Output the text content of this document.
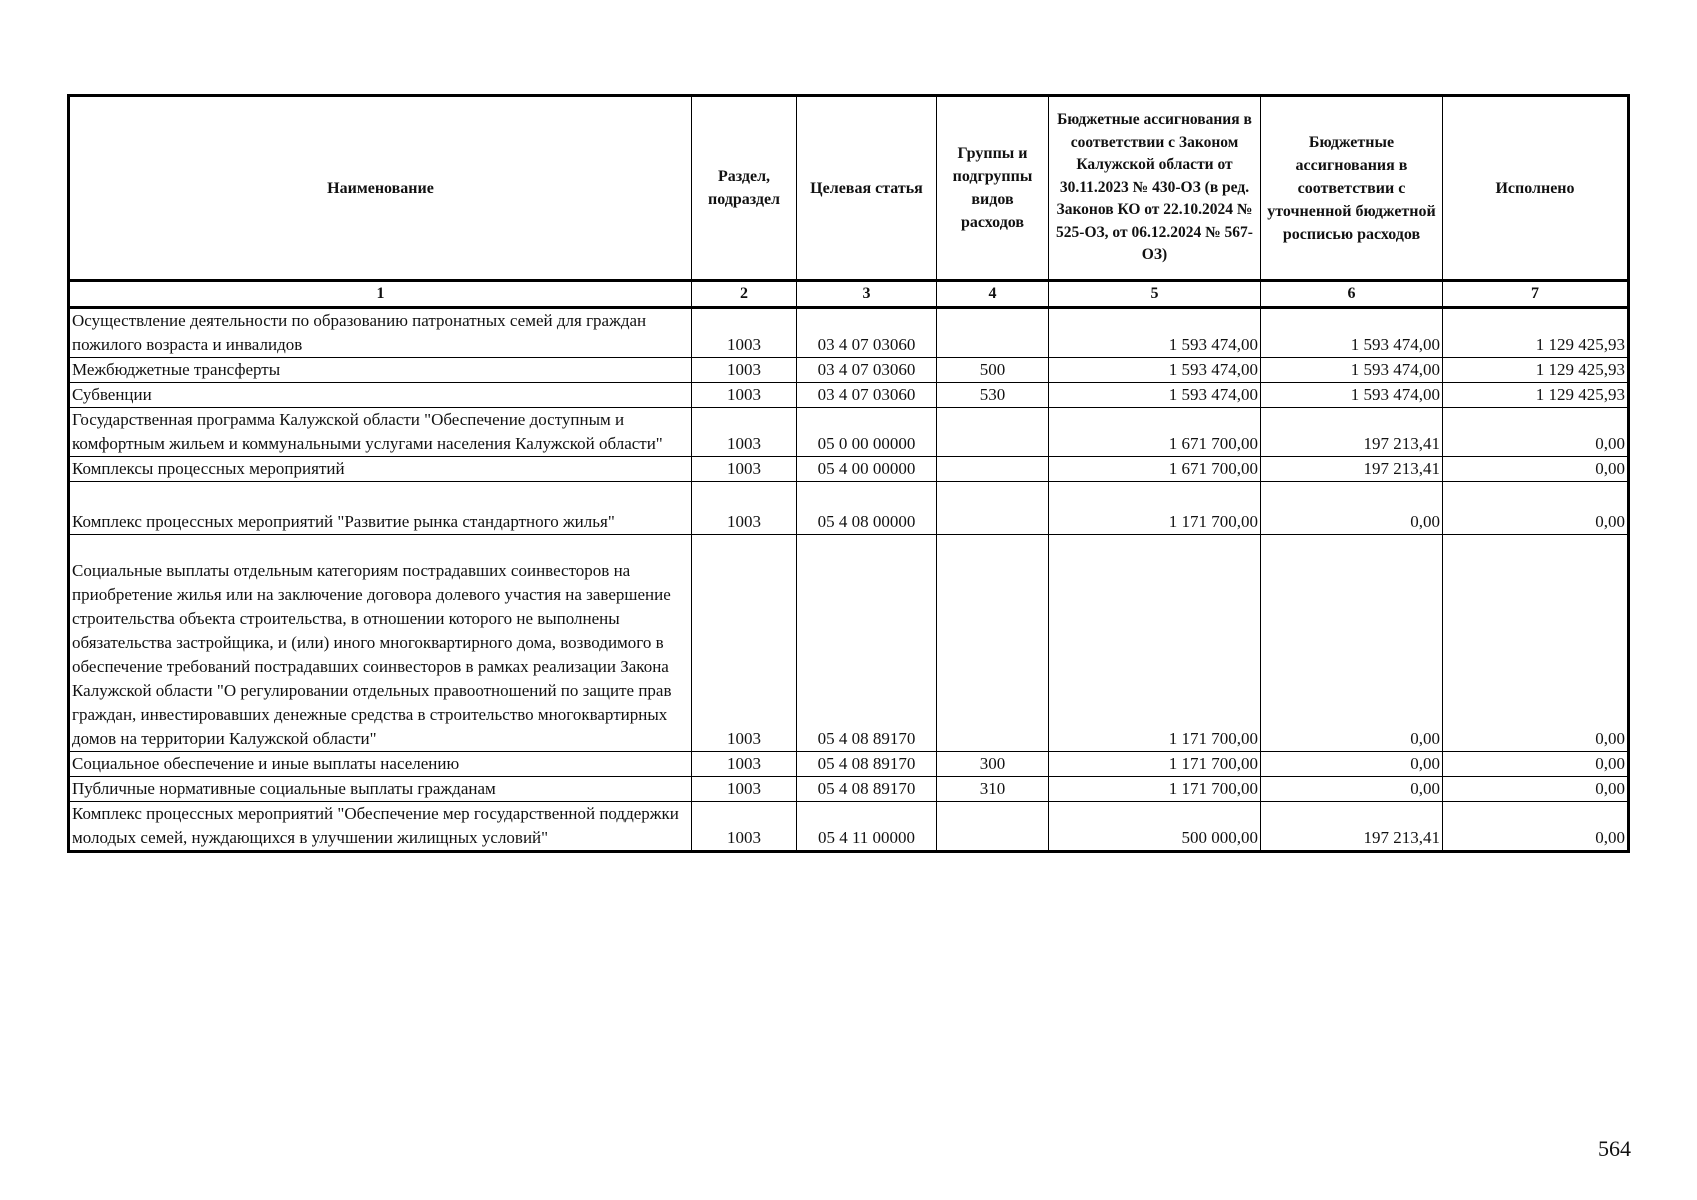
Наименование	Раздел, подраздел	Целевая статья	Группы и подгруппы видов расходов	Бюджетные ассигнования в соответствии с Законом Калужской области от 30.11.2023 № 430-ОЗ (в ред. Законов КО от 22.10.2024 № 525-ОЗ, от 06.12.2024 № 567-ОЗ)	Бюджетные ассигнования в соответствии с уточненной бюджетной росписью расходов	Исполнено
1	2	3	4	5	6	7
Осуществление деятельности по образованию патронатных семей для граждан пожилого возраста и инвалидов	1003	03 4 07 03060		1 593 474,00	1 593 474,00	1 129 425,93
Межбюджетные трансферты	1003	03 4 07 03060	500	1 593 474,00	1 593 474,00	1 129 425,93
Субвенции	1003	03 4 07 03060	530	1 593 474,00	1 593 474,00	1 129 425,93
Государственная программа Калужской области "Обеспечение доступным и комфортным жильем и коммунальными услугами населения Калужской области"	1003	05 0 00 00000		1 671 700,00	197 213,41	0,00
Комплексы процессных мероприятий	1003	05 4 00 00000		1 671 700,00	197 213,41	0,00
Комплекс процессных мероприятий "Развитие рынка стандартного жилья"	1003	05 4 08 00000		1 171 700,00	0,00	0,00
Социальные выплаты отдельным категориям пострадавших соинвесторов на приобретение жилья или на заключение договора долевого участия на завершение строительства объекта строительства, в отношении которого не выполнены обязательства застройщика, и (или) иного многоквартирного дома, возводимого в обеспечение требований пострадавших соинвесторов в рамках реализации Закона Калужской области "О регулировании отдельных правоотношений по защите прав граждан, инвестировавших денежные средства в строительство многоквартирных домов на территории Калужской области"	1003	05 4 08 89170		1 171 700,00	0,00	0,00
Социальное обеспечение и иные выплаты населению	1003	05 4 08 89170	300	1 171 700,00	0,00	0,00
Публичные нормативные социальные выплаты гражданам	1003	05 4 08 89170	310	1 171 700,00	0,00	0,00
Комплекс процессных мероприятий "Обеспечение мер государственной поддержки молодых семей, нуждающихся в улучшении жилищных условий"	1003	05 4 11 00000		500 000,00	197 213,41	0,00
564
